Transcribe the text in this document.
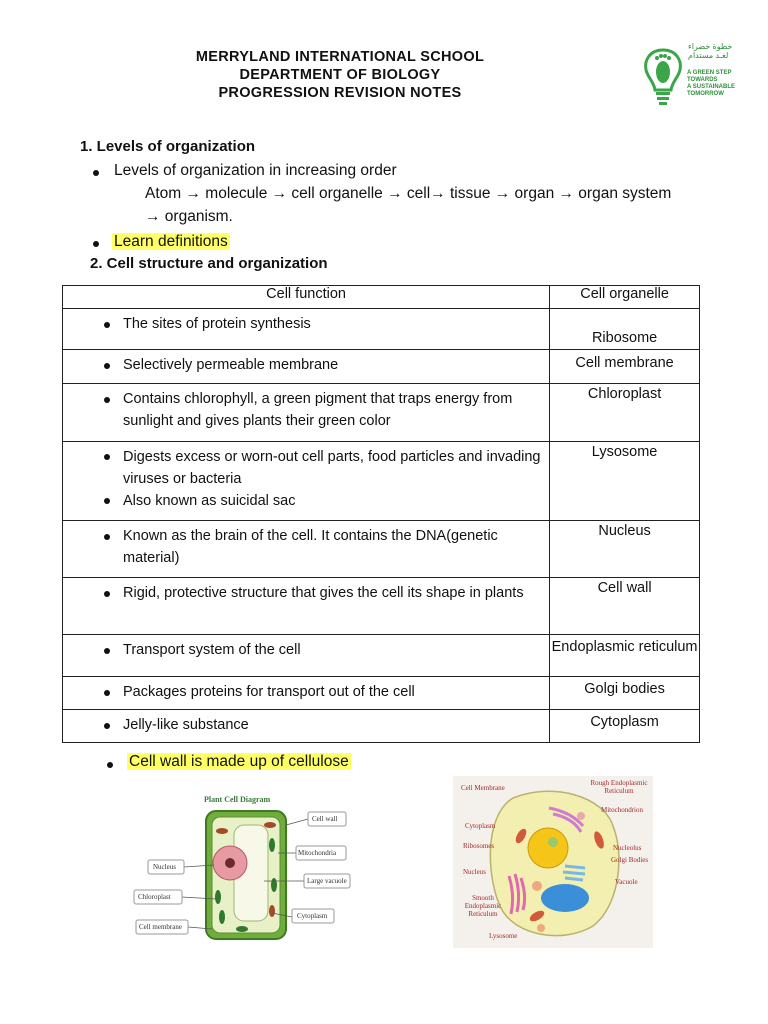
MERRYLAND INTERNATIONAL SCHOOL
DEPARTMENT OF BIOLOGY
PROGRESSION REVISION NOTES
خطوة خضراء
لغـد مستدام
A GREEN STEP
TOWARDS
A SUSTAINABLE
TOMORROW
1. Levels of organization
Levels of organization in increasing order
Atom → molecule → cell organelle → cell→ tissue → organ → organ system
→ organism.
Learn definitions
2. Cell structure and organization
Cell function	Cell organelle

The sites of protein synthesis	Ribosome

Selectively permeable membrane	Cell membrane

Contains chlorophyll, a green pigment that traps energy from sunlight and gives plants their green color	Chloroplast

Digests excess or worn-out cell parts, food particles and invading viruses or bacteria
Also known as suicidal sac	Lysosome

Known as the brain of the cell. It contains the DNA(genetic material)	Nucleus

Rigid, protective structure that gives the cell its shape in plants	Cell wall

Transport system of the cell	Endoplasmic reticulum

Packages proteins for transport out of the cell	Golgi bodies

Jelly-like substance	Cytoplasm
Cell wall is made up of cellulose
Plant Cell Diagram
Cell wall
Mitochondria
Large vacuole
Cytoplasm
Nucleus
Chloroplast
Cell membrane
Cell Membrane
Rough Endoplasmic Reticulum
Mitochondrion
Cytoplasm
Nucleolus
Ribosomes
Golgi Bodies
Nucleus
Vacuole
Smooth Endoplasmic Reticulum
Lysosome
